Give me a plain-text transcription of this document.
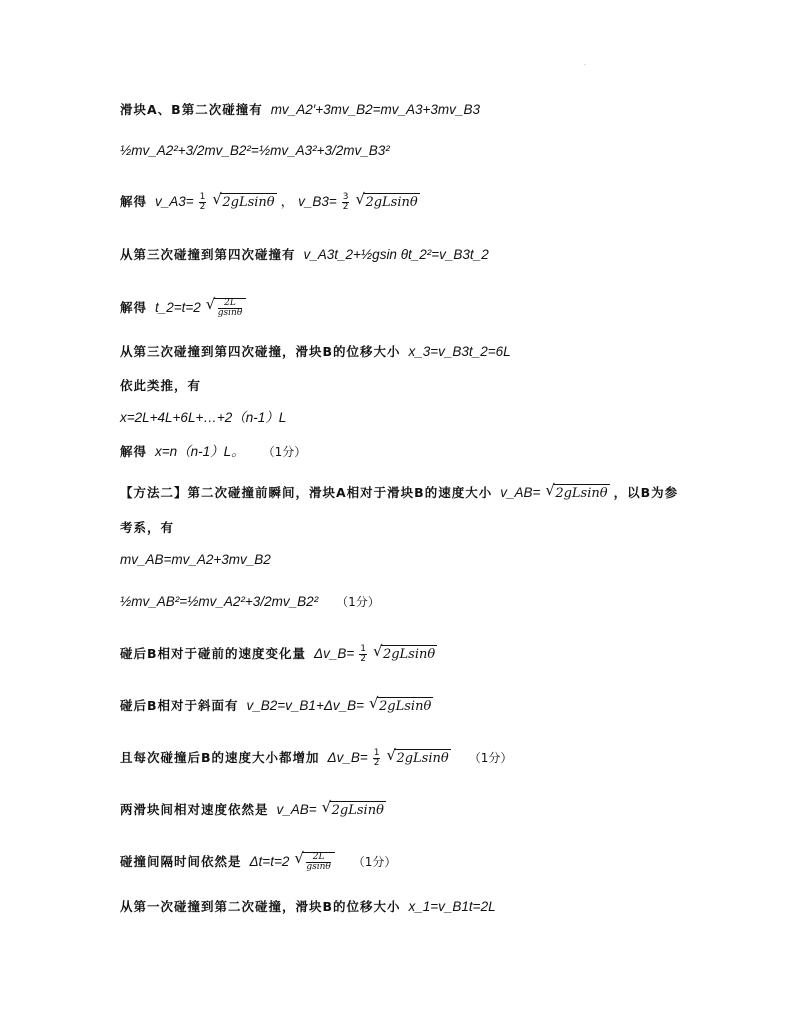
·
滑块A、B第二次碰撞有 mv_A2′+3mv_B2=mv_A3+3mv_B3
½mv_A2²+3/2mv_B2²=½mv_A3²+3/2mv_B3²
解得 v_A3= $\frac{1}{2}$ √ 2gLsinθ ， v_B3= $\frac{3}{2}$ √ 2gLsinθ
从第三次碰撞到第四次碰撞有 v_A3t_2+½gsin θt_2²=v_B3t_2
解得 t_2=t=2 √ $\frac{2L}{gsin\theta}$
从第三次碰撞到第四次碰撞，滑块B的位移大小 x_3=v_B3t_2=6L
依此类推，有
x=2L+4L+6L+…+2（n-1）L
解得 x=n（n-1）L。 （1分）
【方法二】第二次碰撞前瞬间，滑块A相对于滑块B的速度大小 v_AB= √ 2gLsinθ ，以B为参
考系，有
mv_AB=mv_A2+3mv_B2
½mv_AB²=½mv_A2²+3/2mv_B2² （1分）
碰后B相对于碰前的速度变化量 Δv_B= $\frac{1}{2}$ √ 2gLsinθ
碰后B相对于斜面有 v_B2=v_B1+Δv_B= √ 2gLsinθ
且每次碰撞后B的速度大小都增加 Δv_B= $\frac{1}{2}$ √ 2gLsinθ （1分）
两滑块间相对速度依然是 v_AB= √ 2gLsinθ
碰撞间隔时间依然是 Δt=t=2 √ $\frac{2L}{gsin\theta} (1$分）
从第一次碰撞到第二次碰撞，滑块B的位移大小 x_1=v_B1t=2L
